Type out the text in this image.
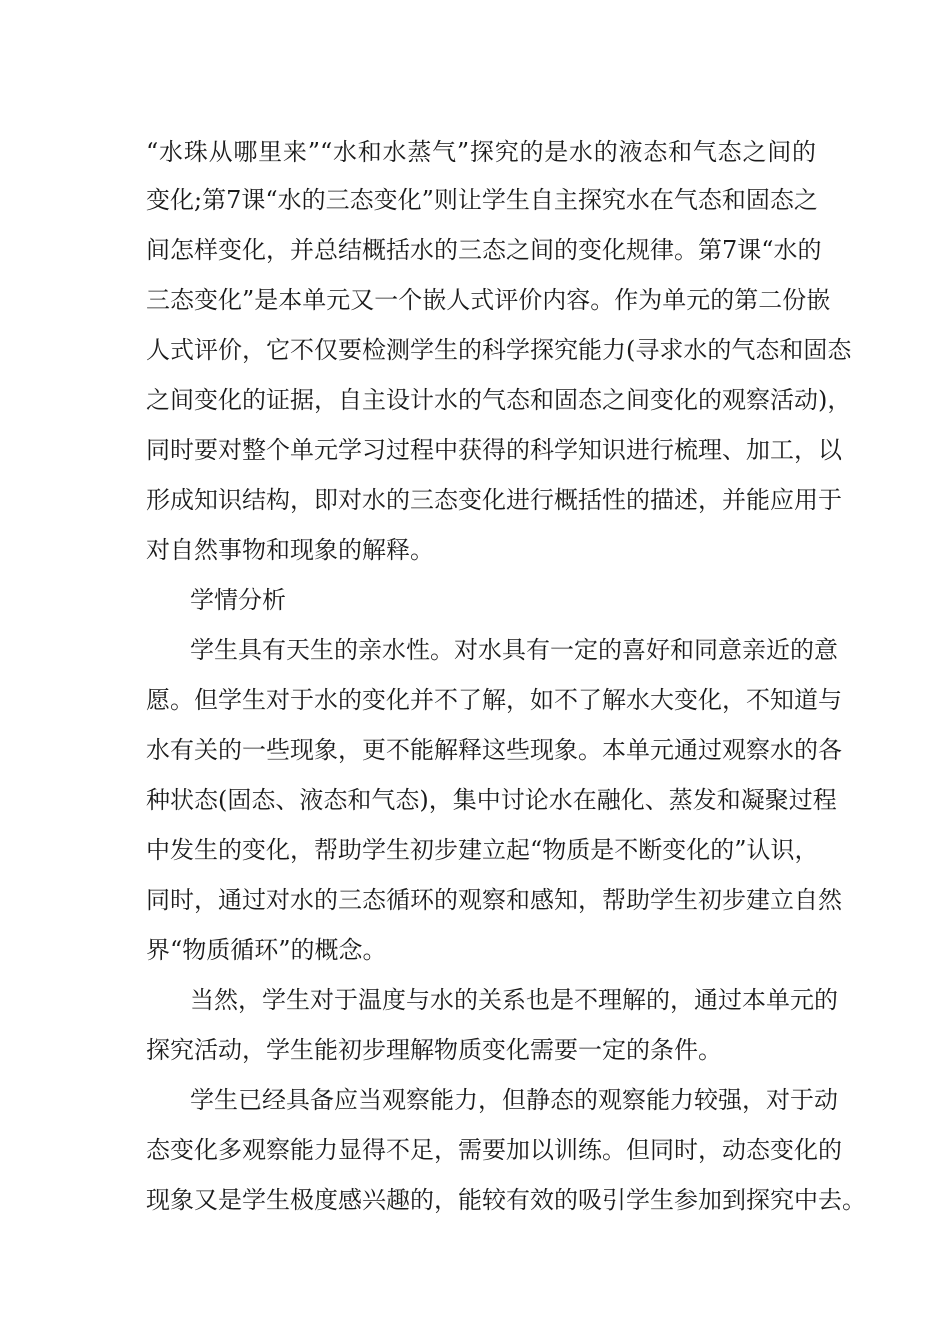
“水珠从哪里来”“水和水蒸气”探究的是水的液态和气态之间的
变化;第7课“水的三态变化”则让学生自主探究水在气态和固态之
间怎样变化，并总结概括水的三态之间的变化规律。第7课“水的
三态变化”是本单元又一个嵌人式评价内容。作为单元的第二份嵌
人式评价，它不仅要检测学生的科学探究能力(寻求水的气态和固态
之间变化的证据，自主设计水的气态和固态之间变化的观察活动)，
同时要对整个单元学习过程中获得的科学知识进行梳理、加工，以
形成知识结构，即对水的三态变化进行概括性的描述，并能应用于
对自然事物和现象的解释。
学情分析
学生具有天生的亲水性。对水具有一定的喜好和同意亲近的意
愿。但学生对于水的变化并不了解，如不了解水大变化，不知道与
水有关的一些现象，更不能解释这些现象。本单元通过观察水的各
种状态(固态、液态和气态)，集中讨论水在融化、蒸发和凝聚过程
中发生的变化，帮助学生初步建立起“物质是不断变化的”认识，
同时，通过对水的三态循环的观察和感知，帮助学生初步建立自然
界“物质循环”的概念。
当然，学生对于温度与水的关系也是不理解的，通过本单元的
探究活动，学生能初步理解物质变化需要一定的条件。
学生已经具备应当观察能力，但静态的观察能力较强，对于动
态变化多观察能力显得不足，需要加以训练。但同时，动态变化的
现象又是学生极度感兴趣的，能较有效的吸引学生参加到探究中去。
